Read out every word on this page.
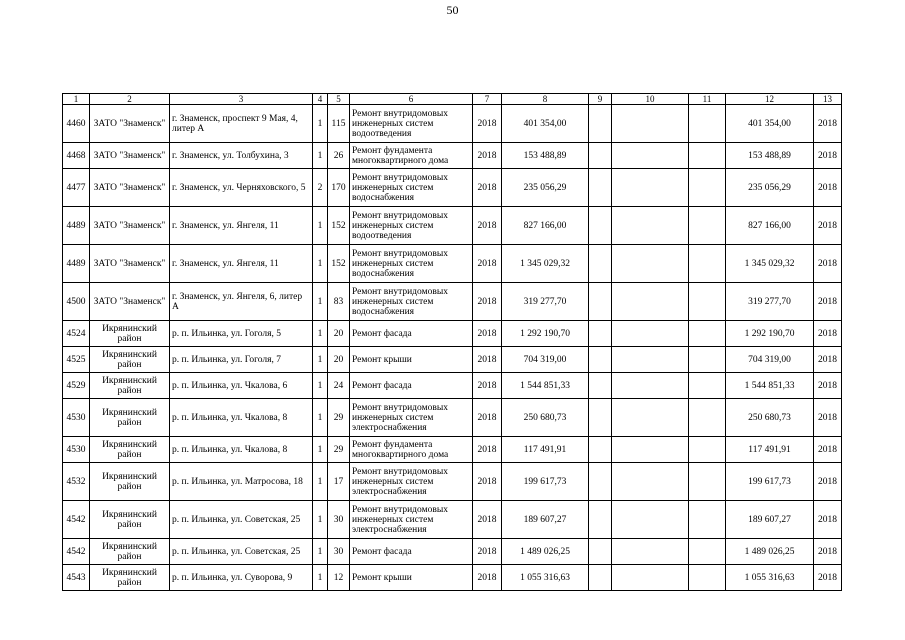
50
1	2	3	4	5	6	7	8	9	10	11	12	13
4460	ЗАТО "Знаменск"	г. Знаменск, проспект 9 Мая, 4, литер А	1	115	Ремонт внутридомовых инженерных систем водоотведения	2018	401 354,00				401 354,00	2018
4468	ЗАТО "Знаменск"	г. Знаменск, ул. Толбухина, 3	1	26	Ремонт фундамента многоквартирного дома	2018	153 488,89				153 488,89	2018
4477	ЗАТО "Знаменск"	г. Знаменск, ул. Черняховского, 5	2	170	Ремонт внутридомовых инженерных систем водоснабжения	2018	235 056,29				235 056,29	2018
4489	ЗАТО "Знаменск"	г. Знаменск, ул. Янгеля, 11	1	152	Ремонт внутридомовых инженерных систем водоотведения	2018	827 166,00				827 166,00	2018
4489	ЗАТО "Знаменск"	г. Знаменск, ул. Янгеля, 11	1	152	Ремонт внутридомовых инженерных систем водоснабжения	2018	1 345 029,32				1 345 029,32	2018
4500	ЗАТО "Знаменск"	г. Знаменск, ул. Янгеля, 6, литер А	1	83	Ремонт внутридомовых инженерных систем водоснабжения	2018	319 277,70				319 277,70	2018
4524	Икрянинский район	р. п. Ильинка, ул. Гоголя, 5	1	20	Ремонт фасада	2018	1 292 190,70				1 292 190,70	2018
4525	Икрянинский район	р. п. Ильинка, ул. Гоголя, 7	1	20	Ремонт крыши	2018	704 319,00				704 319,00	2018
4529	Икрянинский район	р. п. Ильинка, ул. Чкалова, 6	1	24	Ремонт фасада	2018	1 544 851,33				1 544 851,33	2018
4530	Икрянинский район	р. п. Ильинка, ул. Чкалова, 8	1	29	Ремонт внутридомовых инженерных систем электроснабжения	2018	250 680,73				250 680,73	2018
4530	Икрянинский район	р. п. Ильинка, ул. Чкалова, 8	1	29	Ремонт фундамента многоквартирного дома	2018	117 491,91				117 491,91	2018
4532	Икрянинский район	р. п. Ильинка, ул. Матросова, 18	1	17	Ремонт внутридомовых инженерных систем электроснабжения	2018	199 617,73				199 617,73	2018
4542	Икрянинский район	р. п. Ильинка, ул. Советская, 25	1	30	Ремонт внутридомовых инженерных систем электроснабжения	2018	189 607,27				189 607,27	2018
4542	Икрянинский район	р. п. Ильинка, ул. Советская, 25	1	30	Ремонт фасада	2018	1 489 026,25				1 489 026,25	2018
4543	Икрянинский район	р. п. Ильинка, ул. Суворова, 9	1	12	Ремонт крыши	2018	1 055 316,63				1 055 316,63	2018
